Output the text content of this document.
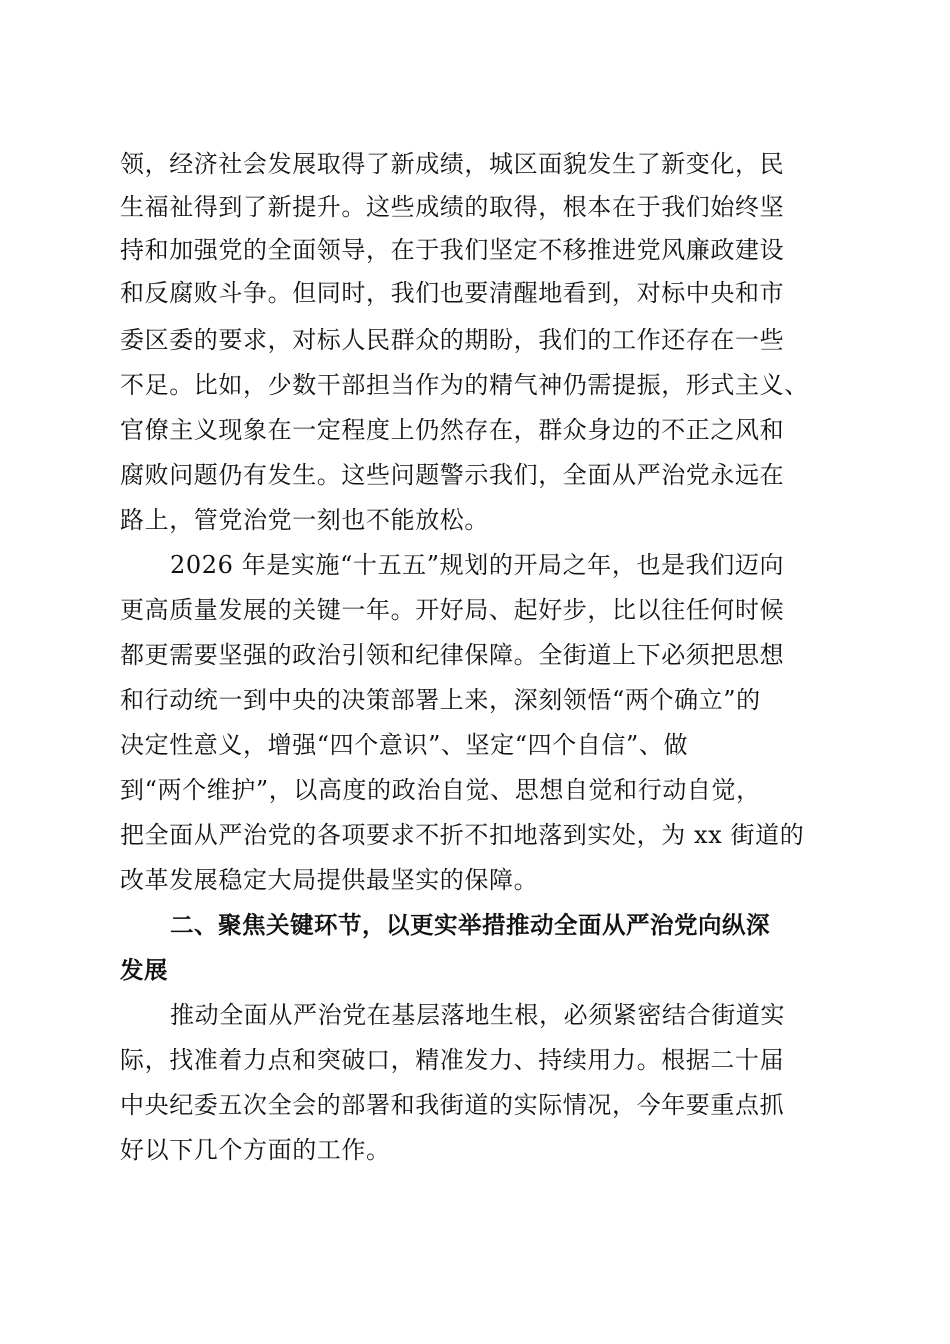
领，经济社会发展取得了新成绩，城区面貌发生了新变化，民

生福祉得到了新提升。这些成绩的取得，根本在于我们始终坚

持和加强党的全面领导，在于我们坚定不移推进党风廉政建设

和反腐败斗争。但同时，我们也要清醒地看到，对标中央和市

委区委的要求，对标人民群众的期盼，我们的工作还存在一些

不足。比如，少数干部担当作为的精气神仍需提振，形式主义、

官僚主义现象在一定程度上仍然存在，群众身边的不正之风和

腐败问题仍有发生。这些问题警示我们，全面从严治党永远在

路上，管党治党一刻也不能放松。

2026 年是实施“十五五”规划的开局之年，也是我们迈向

更高质量发展的关键一年。开好局、起好步，比以往任何时候

都更需要坚强的政治引领和纪律保障。全街道上下必须把思想

和行动统一到中央的决策部署上来，深刻领悟“两个确立”的

决定性意义，增强“四个意识”、坚定“四个自信”、做

到“两个维护”，以高度的政治自觉、思想自觉和行动自觉，

把全面从严治党的各项要求不折不扣地落到实处，为 xx 街道的

改革发展稳定大局提供最坚实的保障。

二、聚焦关键环节，以更实举措推动全面从严治党向纵深

发展

推动全面从严治党在基层落地生根，必须紧密结合街道实

际，找准着力点和突破口，精准发力、持续用力。根据二十届

中央纪委五次全会的部署和我街道的实际情况，今年要重点抓

好以下几个方面的工作。
